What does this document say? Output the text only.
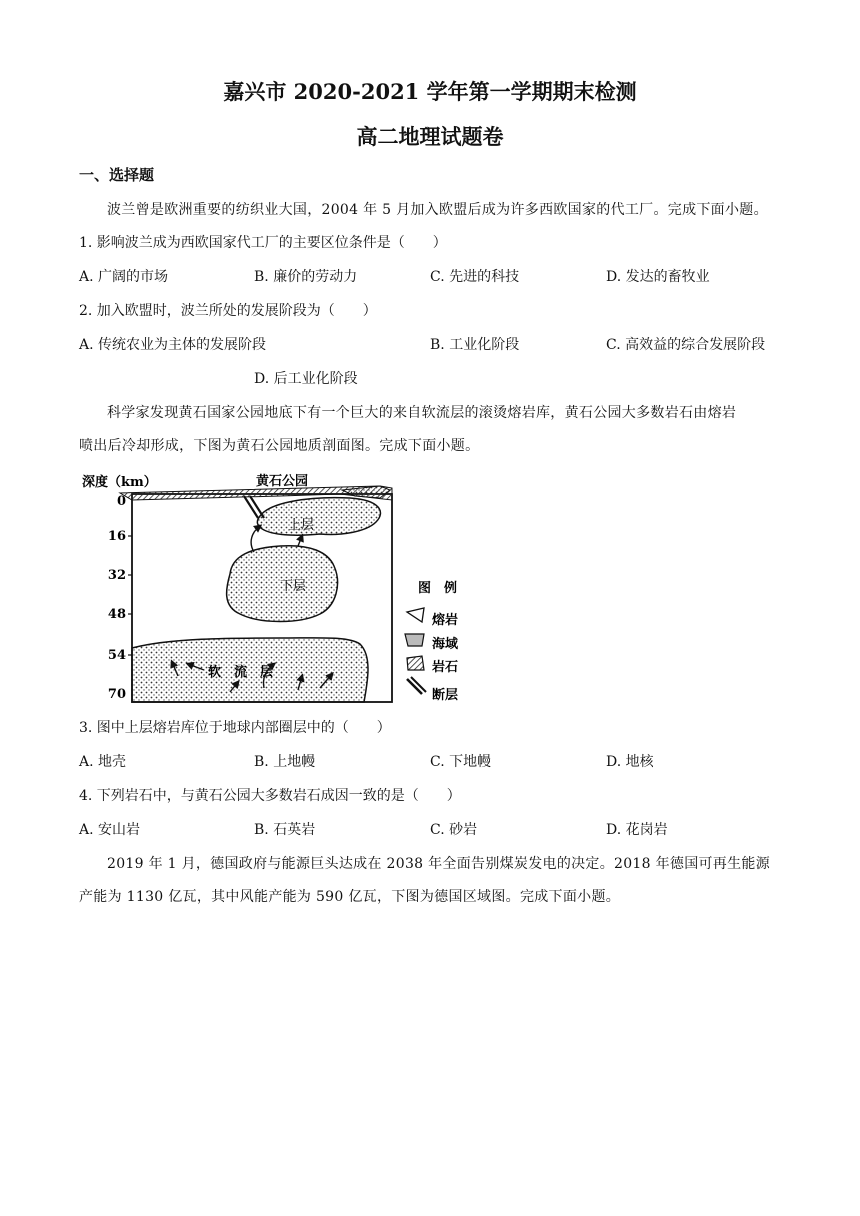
嘉兴市 2020-2021 学年第一学期期末检测
高二地理试题卷
一、选择题
波兰曾是欧洲重要的纺织业大国，2004 年 5 月加入欧盟后成为许多西欧国家的代工厂。完成下面小题。
1. 影响波兰成为西欧国家代工厂的主要区位条件是（　　）
A. 广阔的市场	B. 廉价的劳动力	C. 先进的科技	D. 发达的畜牧业
2. 加入欧盟时，波兰所处的发展阶段为（　　）
A. 传统农业为主体的发展阶段	B. 工业化阶段	C. 高效益的综合发展阶段
D. 后工业化阶段
科学家发现黄石国家公园地底下有一个巨大的来自软流层的滚烫熔岩库，黄石公园大多数岩石由熔岩
喷出后冷却形成，下图为黄石公园地质剖面图。完成下面小题。
深度（km）	黄石公园
上层
下层
软　流　层
0
16
32
48
54
70
图　例
熔岩
海域
岩石
断层
3. 图中上层熔岩库位于地球内部圈层中的（　　）
A. 地壳	B. 上地幔	C. 下地幔	D. 地核
4. 下列岩石中，与黄石公园大多数岩石成因一致的是（　　）
A. 安山岩	B. 石英岩	C. 砂岩	D. 花岗岩
2019 年 1 月，德国政府与能源巨头达成在 2038 年全面告别煤炭发电的决定。2018 年德国可再生能源
产能为 1130 亿瓦，其中风能产能为 590 亿瓦，下图为德国区域图。完成下面小题。
